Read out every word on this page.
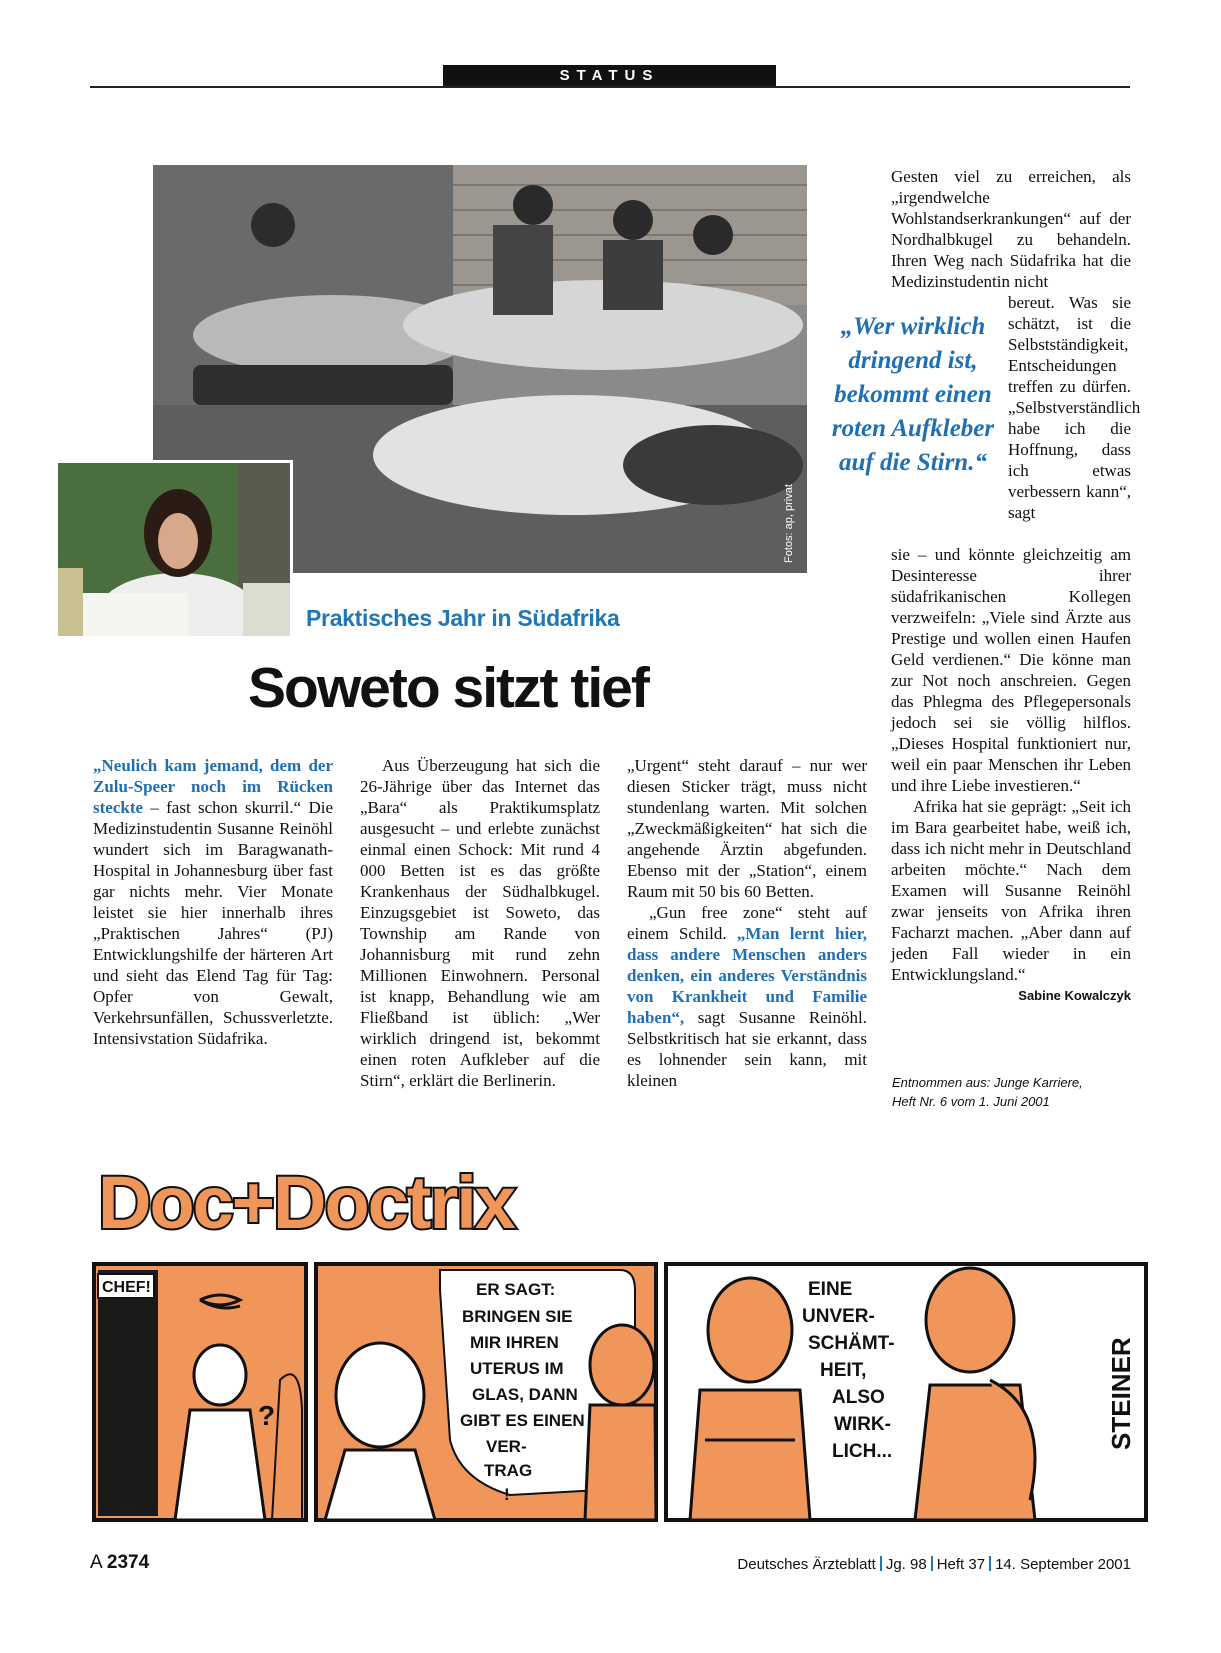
STATUS
Fotos: ap, privat
Praktisches Jahr in Südafrika
Soweto sitzt tief

„Neulich kam jemand, dem der Zulu-Speer noch im Rücken steckte – fast schon skurril.“ Die Medizinstudentin Susanne Reinöhl wundert sich im Baragwanath-Hospital in Johannesburg über fast gar nichts mehr. Vier Monate leistet sie hier innerhalb ihres „Praktischen Jahres“ (PJ) Entwicklungshilfe der härteren Art und sieht das Elend Tag für Tag: Opfer von Gewalt, Verkehrsunfällen, Schussverletzte. Intensivstation Südafrika.

Aus Überzeugung hat sich die 26-Jährige über das Internet das „Bara“ als Praktikumsplatz ausgesucht – und erlebte zunächst einmal einen Schock: Mit rund 4 000 Betten ist es das größte Krankenhaus der Südhalbkugel. Einzugsgebiet ist Soweto, das Township am Rande von Johannisburg mit rund zehn Millionen Einwohnern. Personal ist knapp, Behandlung wie am Fließband ist üblich: „Wer wirklich dringend ist, bekommt einen roten Aufkleber auf die Stirn“, erklärt die Berlinerin.

„Urgent“ steht darauf – nur wer diesen Sticker trägt, muss nicht stundenlang warten. Mit solchen „Zweckmäßigkeiten“ hat sich die angehende Ärztin abgefunden. Ebenso mit der „Station“, einem Raum mit 50 bis 60 Betten.

„Gun free zone“ steht auf einem Schild. „Man lernt hier, dass andere Menschen anders denken, ein anderes Verständnis von Krankheit und Familie haben“, sagt Susanne Reinöhl. Selbstkritisch hat sie erkannt, dass es lohnender sein kann, mit kleinen

Gesten viel zu erreichen, als „irgendwelche Wohlstandserkrankungen“ auf der Nordhalbkugel zu behandeln. Ihren Weg nach Südafrika hat die Medizinstudentin nicht
„Wer wirklich dringend ist, bekommt einen roten Aufkleber auf die Stirn.“
bereut. Was sie schätzt, ist die Selbstständigkeit, Entscheidungen treffen zu dürfen. „Selbstverständlich habe ich die Hoffnung, dass ich etwas verbessern kann“, sagt

sie – und könnte gleichzeitig am Desinteresse ihrer südafrikanischen Kollegen verzweifeln: „Viele sind Ärzte aus Prestige und wollen einen Haufen Geld verdienen.“ Die könne man zur Not noch anschreien. Gegen das Phlegma des Pflegepersonals jedoch sei sie völlig hilflos. „Dieses Hospital funktioniert nur, weil ein paar Menschen ihr Leben und ihre Liebe investieren.“

Afrika hat sie geprägt: „Seit ich im Bara gearbeitet habe, weiß ich, dass ich nicht mehr in Deutschland arbeiten möchte.“ Nach dem Examen will Susanne Reinöhl zwar jenseits von Afrika ihren Facharzt machen. „Aber dann auf jeden Fall wieder in ein Entwicklungsland.“
Sabine Kowalczyk

Entnommen aus: Junge Karriere,
Heft Nr. 6 vom 1. Juni 2001
Doc+Doctrix
CHEF!
?
ER SAGT: BRINGEN SIE MIR IHREN UTERUS IM GLAS, DANN GIBT ES EINEN VER- TRAG !
EINE UNVER- SCHÄMT- HEIT, ALSO WIRK- LICH...
STEINER
A 2374	Deutsches Ärzteblatt Jg. 98 Heft 37 14. September 2001
